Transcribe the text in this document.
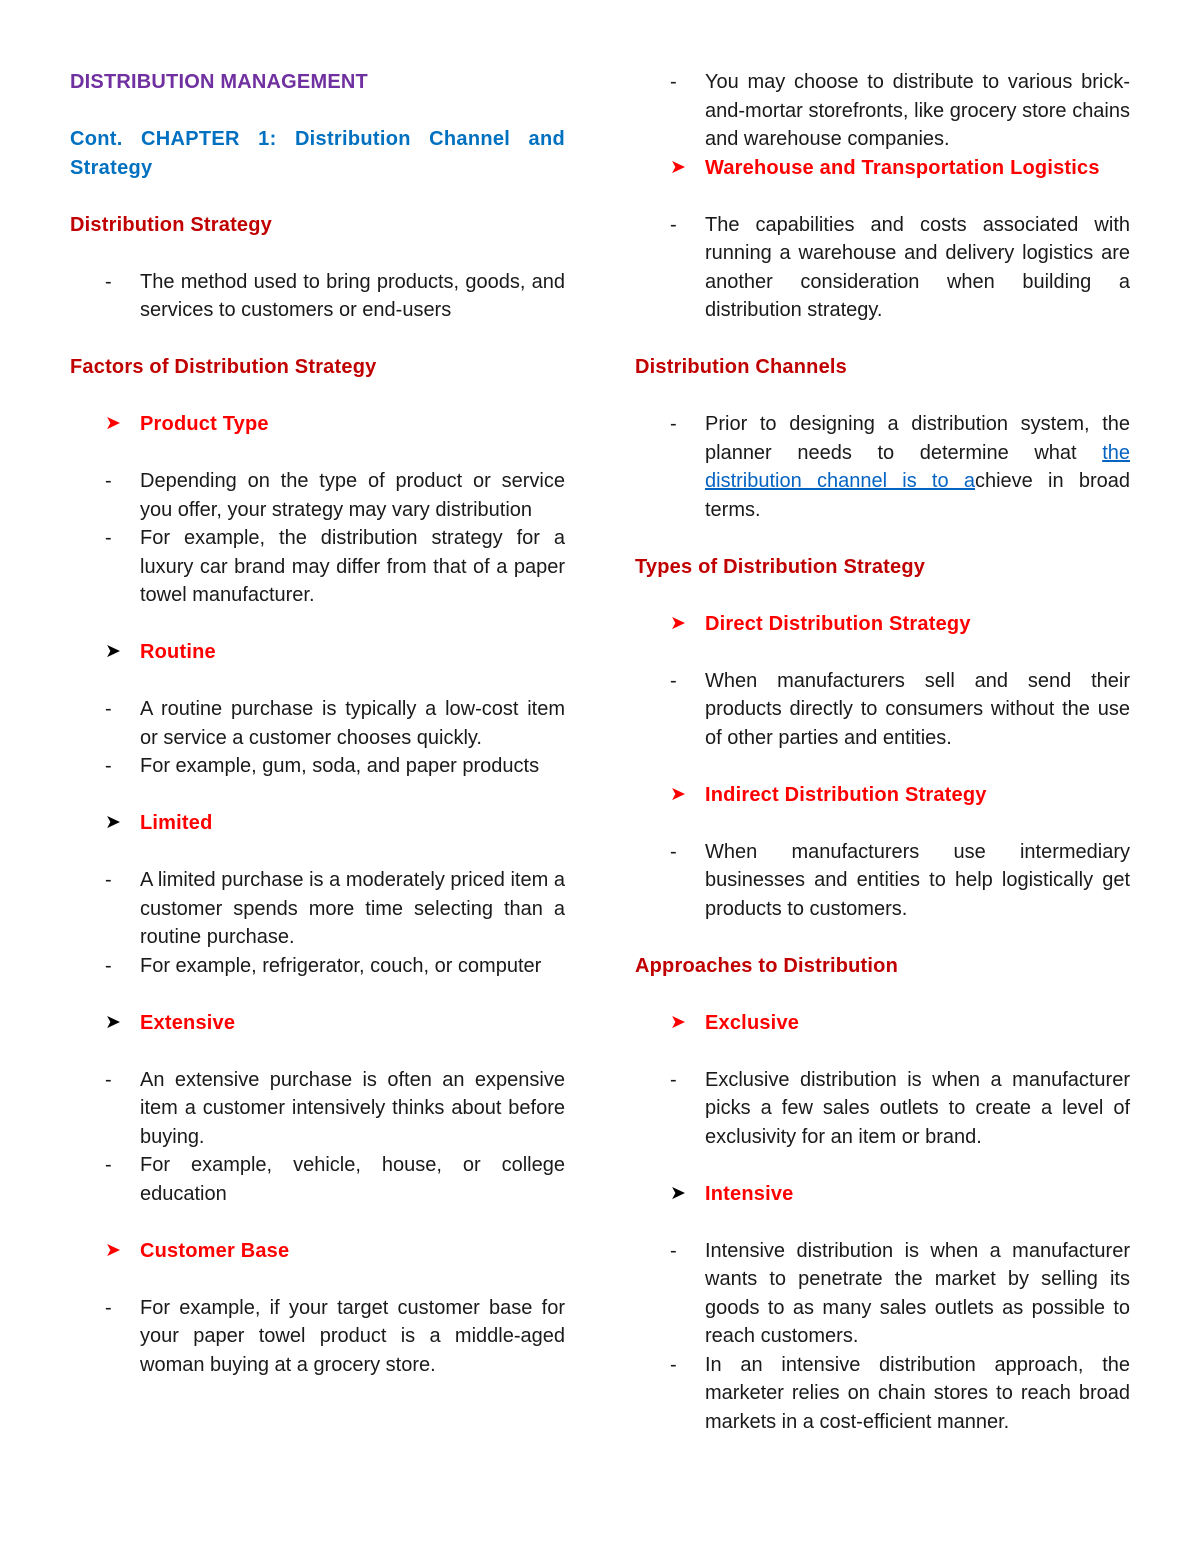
DISTRIBUTION MANAGEMENT
Cont. CHAPTER 1: Distribution Channel and Strategy
Distribution Strategy
-	The method used to bring products, goods, and services to customers or end-users
Factors of Distribution Strategy
➤ Product Type
-	Depending on the type of product or service you offer, your strategy may vary distribution
-	For example, the distribution strategy for a luxury car brand may differ from that of a paper towel manufacturer.
➤ Routine
-	A routine purchase is typically a low-cost item or service a customer chooses quickly.
-	For example, gum, soda, and paper products
➤ Limited
-	A limited purchase is a moderately priced item a customer spends more time selecting than a routine purchase.
-	For example, refrigerator, couch, or computer
➤ Extensive
-	An extensive purchase is often an expensive item a customer intensively thinks about before buying.
-	For example, vehicle, house, or college education
➤ Customer Base
-	For example, if your target customer base for your paper towel product is a middle-aged woman buying at a grocery store.
-	You may choose to distribute to various brick- and-mortar storefronts, like grocery store chains and warehouse companies.
➤ Warehouse and Transportation Logistics
-	The capabilities and costs associated with running a warehouse and delivery logistics are another consideration when building a distribution strategy.
Distribution Channels
-	Prior to designing a distribution system, the planner needs to determine what the distribution channel is to achieve in broad terms.
Types of Distribution Strategy
➤ Direct Distribution Strategy
-	When manufacturers sell and send their products directly to consumers without the use of other parties and entities.
➤ Indirect Distribution Strategy
-	When manufacturers use intermediary businesses and entities to help logistically get products to customers.
Approaches to Distribution
➤ Exclusive
-	Exclusive distribution is when a manufacturer picks a few sales outlets to create a level of exclusivity for an item or brand.
➤ Intensive
-	Intensive distribution is when a manufacturer wants to penetrate the market by selling its goods to as many sales outlets as possible to reach customers.
-	In an intensive distribution approach, the marketer relies on chain stores to reach broad markets in a cost-efficient manner.
